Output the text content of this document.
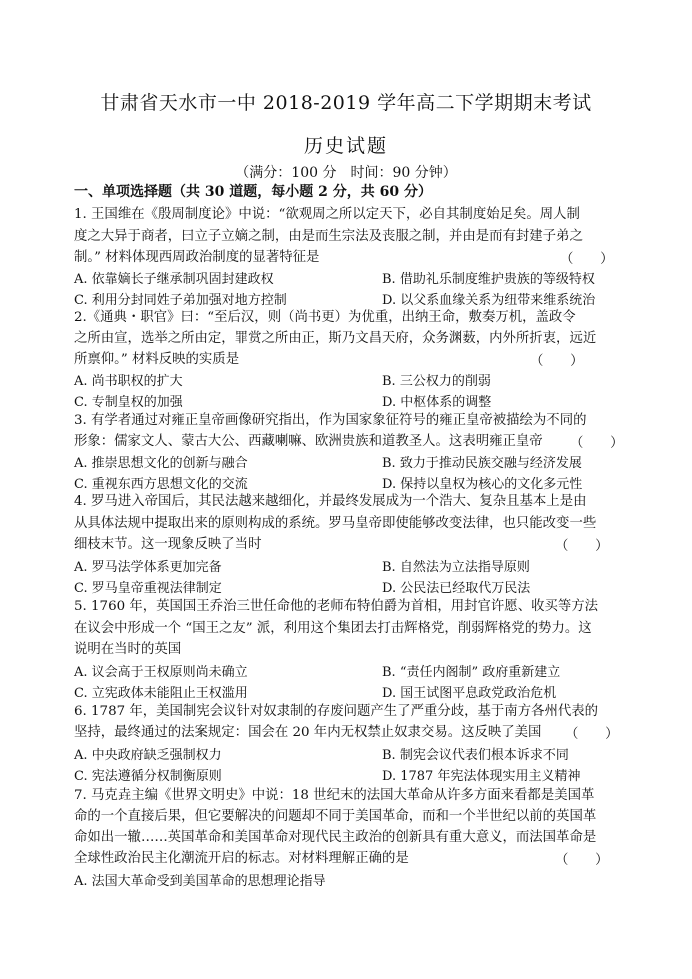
甘肃省天水市一中 2018-2019 学年高二下学期期末考试
历史试题
（满分：100 分　时间：90 分钟）
一、单项选择题（共 30 道题，每小题 2 分，共 60 分）
1. 王国维在《殷周制度论》中说：“欲观周之所以定天下，必自其制度始足矣。周人制
度之大异于商者，曰立子立嫡之制，由是而生宗法及丧服之制，并由是而有封建子弟之
制。” 材料体现西周政治制度的显著特征是	（　　）
A. 依靠嫡长子继承制巩固封建政权	B. 借助礼乐制度维护贵族的等级特权
C. 利用分封同姓子弟加强对地方控制	D. 以父系血缘关系为纽带来维系统治
2.《通典・职官》曰：“至后汉，则（尚书更）为优重，出纳王命，敷奏万机，盖政令
之所由宣，选举之所由定，罪赏之所由正，斯乃文昌天府，众务渊薮，内外所折衷，远近
所禀仰。” 材料反映的实质是	（　　）
A. 尚书职权的扩大	B. 三公权力的削弱
C. 专制皇权的加强	D. 中枢体系的调整
3. 有学者通过对雍正皇帝画像研究指出，作为国家象征符号的雍正皇帝被描绘为不同的
形象：儒家文人、蒙古大公、西藏喇嘛、欧洲贵族和道教圣人。这表明雍正皇帝	（　　）
A. 推崇思想文化的创新与融合	B. 致力于推动民族交融与经济发展
C. 重视东西方思想文化的交流	D. 保持以皇权为核心的文化多元性
4. 罗马进入帝国后，其民法越来越细化，并最终发展成为一个浩大、复杂且基本上是由
从具体法规中提取出来的原则构成的系统。罗马皇帝即使能够改变法律，也只能改变一些
细枝末节。这一现象反映了当时	（　　）
A. 罗马法学体系更加完备	B. 自然法为立法指导原则
C. 罗马皇帝重视法律制定	D. 公民法已经取代万民法
5. 1760 年，英国国王乔治三世任命他的老师布特伯爵为首相，用封官许愿、收买等方法
在议会中形成一个 “国王之友” 派，利用这个集团去打击辉格党，削弱辉格党的势力。这
说明在当时的英国
A. 议会高于王权原则尚未确立	B. “责任内阁制” 政府重新建立
C. 立宪政体未能阻止王权滥用	D. 国王试图平息政党政治危机
6. 1787 年，美国制宪会议针对奴隶制的存废问题产生了严重分歧，基于南方各州代表的
坚持，最终通过的法案规定：国会在 20 年内无权禁止奴隶交易。这反映了美国	（　　）
A. 中央政府缺乏强制权力	B. 制宪会议代表们根本诉求不同
C. 宪法遵循分权制衡原则	D. 1787 年宪法体现实用主义精神
7. 马克垚主编《世界文明史》中说：18 世纪末的法国大革命从许多方面来看都是美国革
命的一个直接后果，但它要解决的问题却不同于美国革命，而和一个半世纪以前的英国革
命如出一辙……英国革命和美国革命对现代民主政治的创新具有重大意义，而法国革命是
全球性政治民主化潮流开启的标志。对材料理解正确的是	（　　）
A. 法国大革命受到美国革命的思想理论指导
